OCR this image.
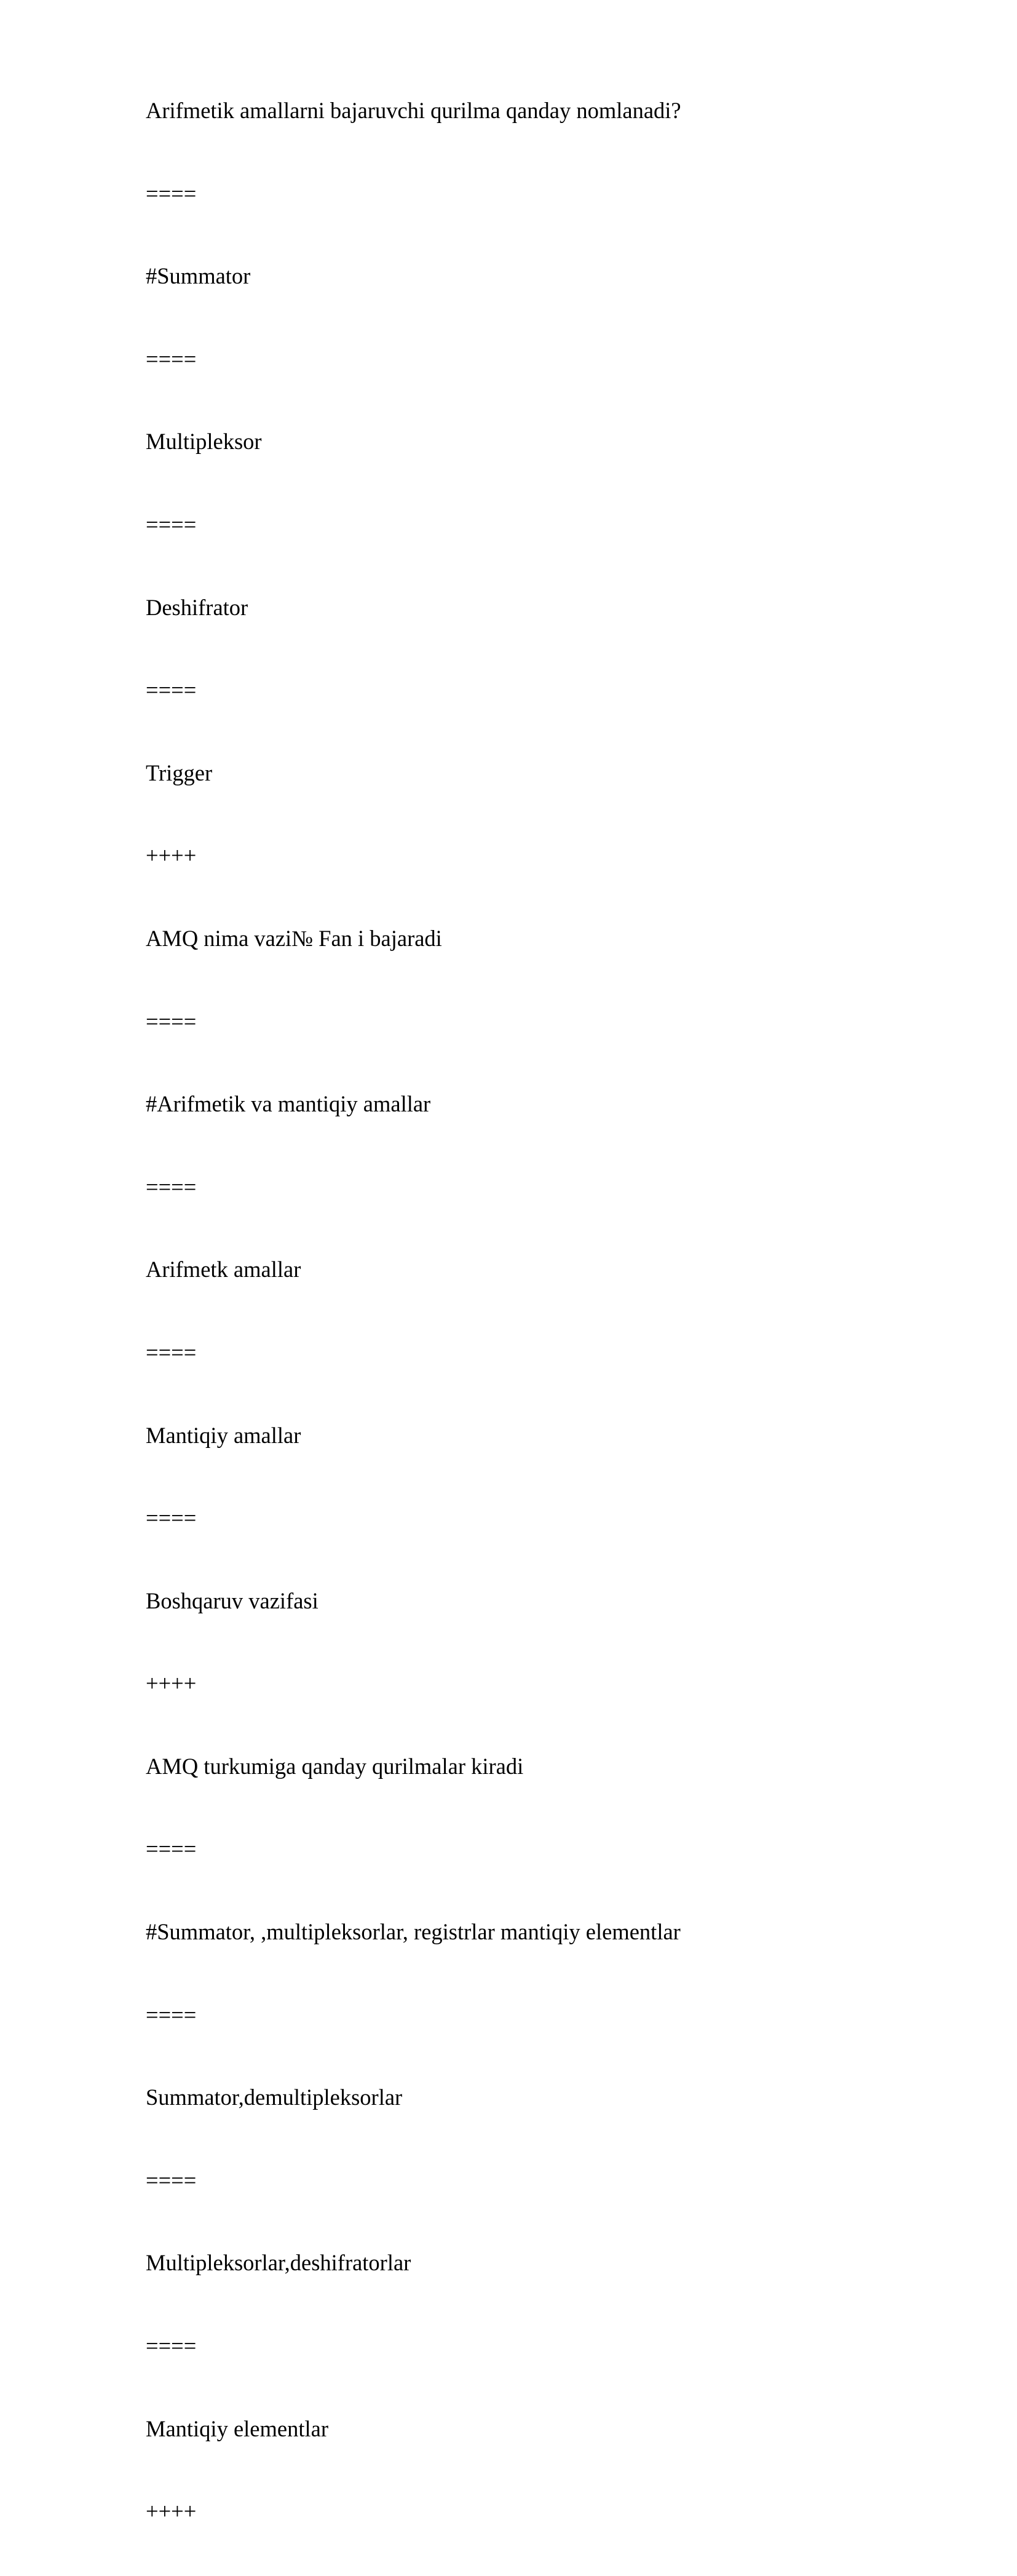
Arifmetik amallarni bajaruvchi qurilma qanday nomlanadi?
====
#Summator
====
Multipleksor
====
Deshifrator
====
Trigger
++++
AMQ nima vazi№ Fan i bajaradi
====
#Arifmetik va mantiqiy amallar
====
Arifmetk amallar
====
Mantiqiy amallar
====
Boshqaruv vazifasi
++++
AMQ turkumiga qanday qurilmalar kiradi
====
#Summator, ,multipleksorlar, registrlar mantiqiy elementlar
====
Summator,demultipleksorlar
====
Multipleksorlar,deshifratorlar
====
Mantiqiy elementlar
++++
